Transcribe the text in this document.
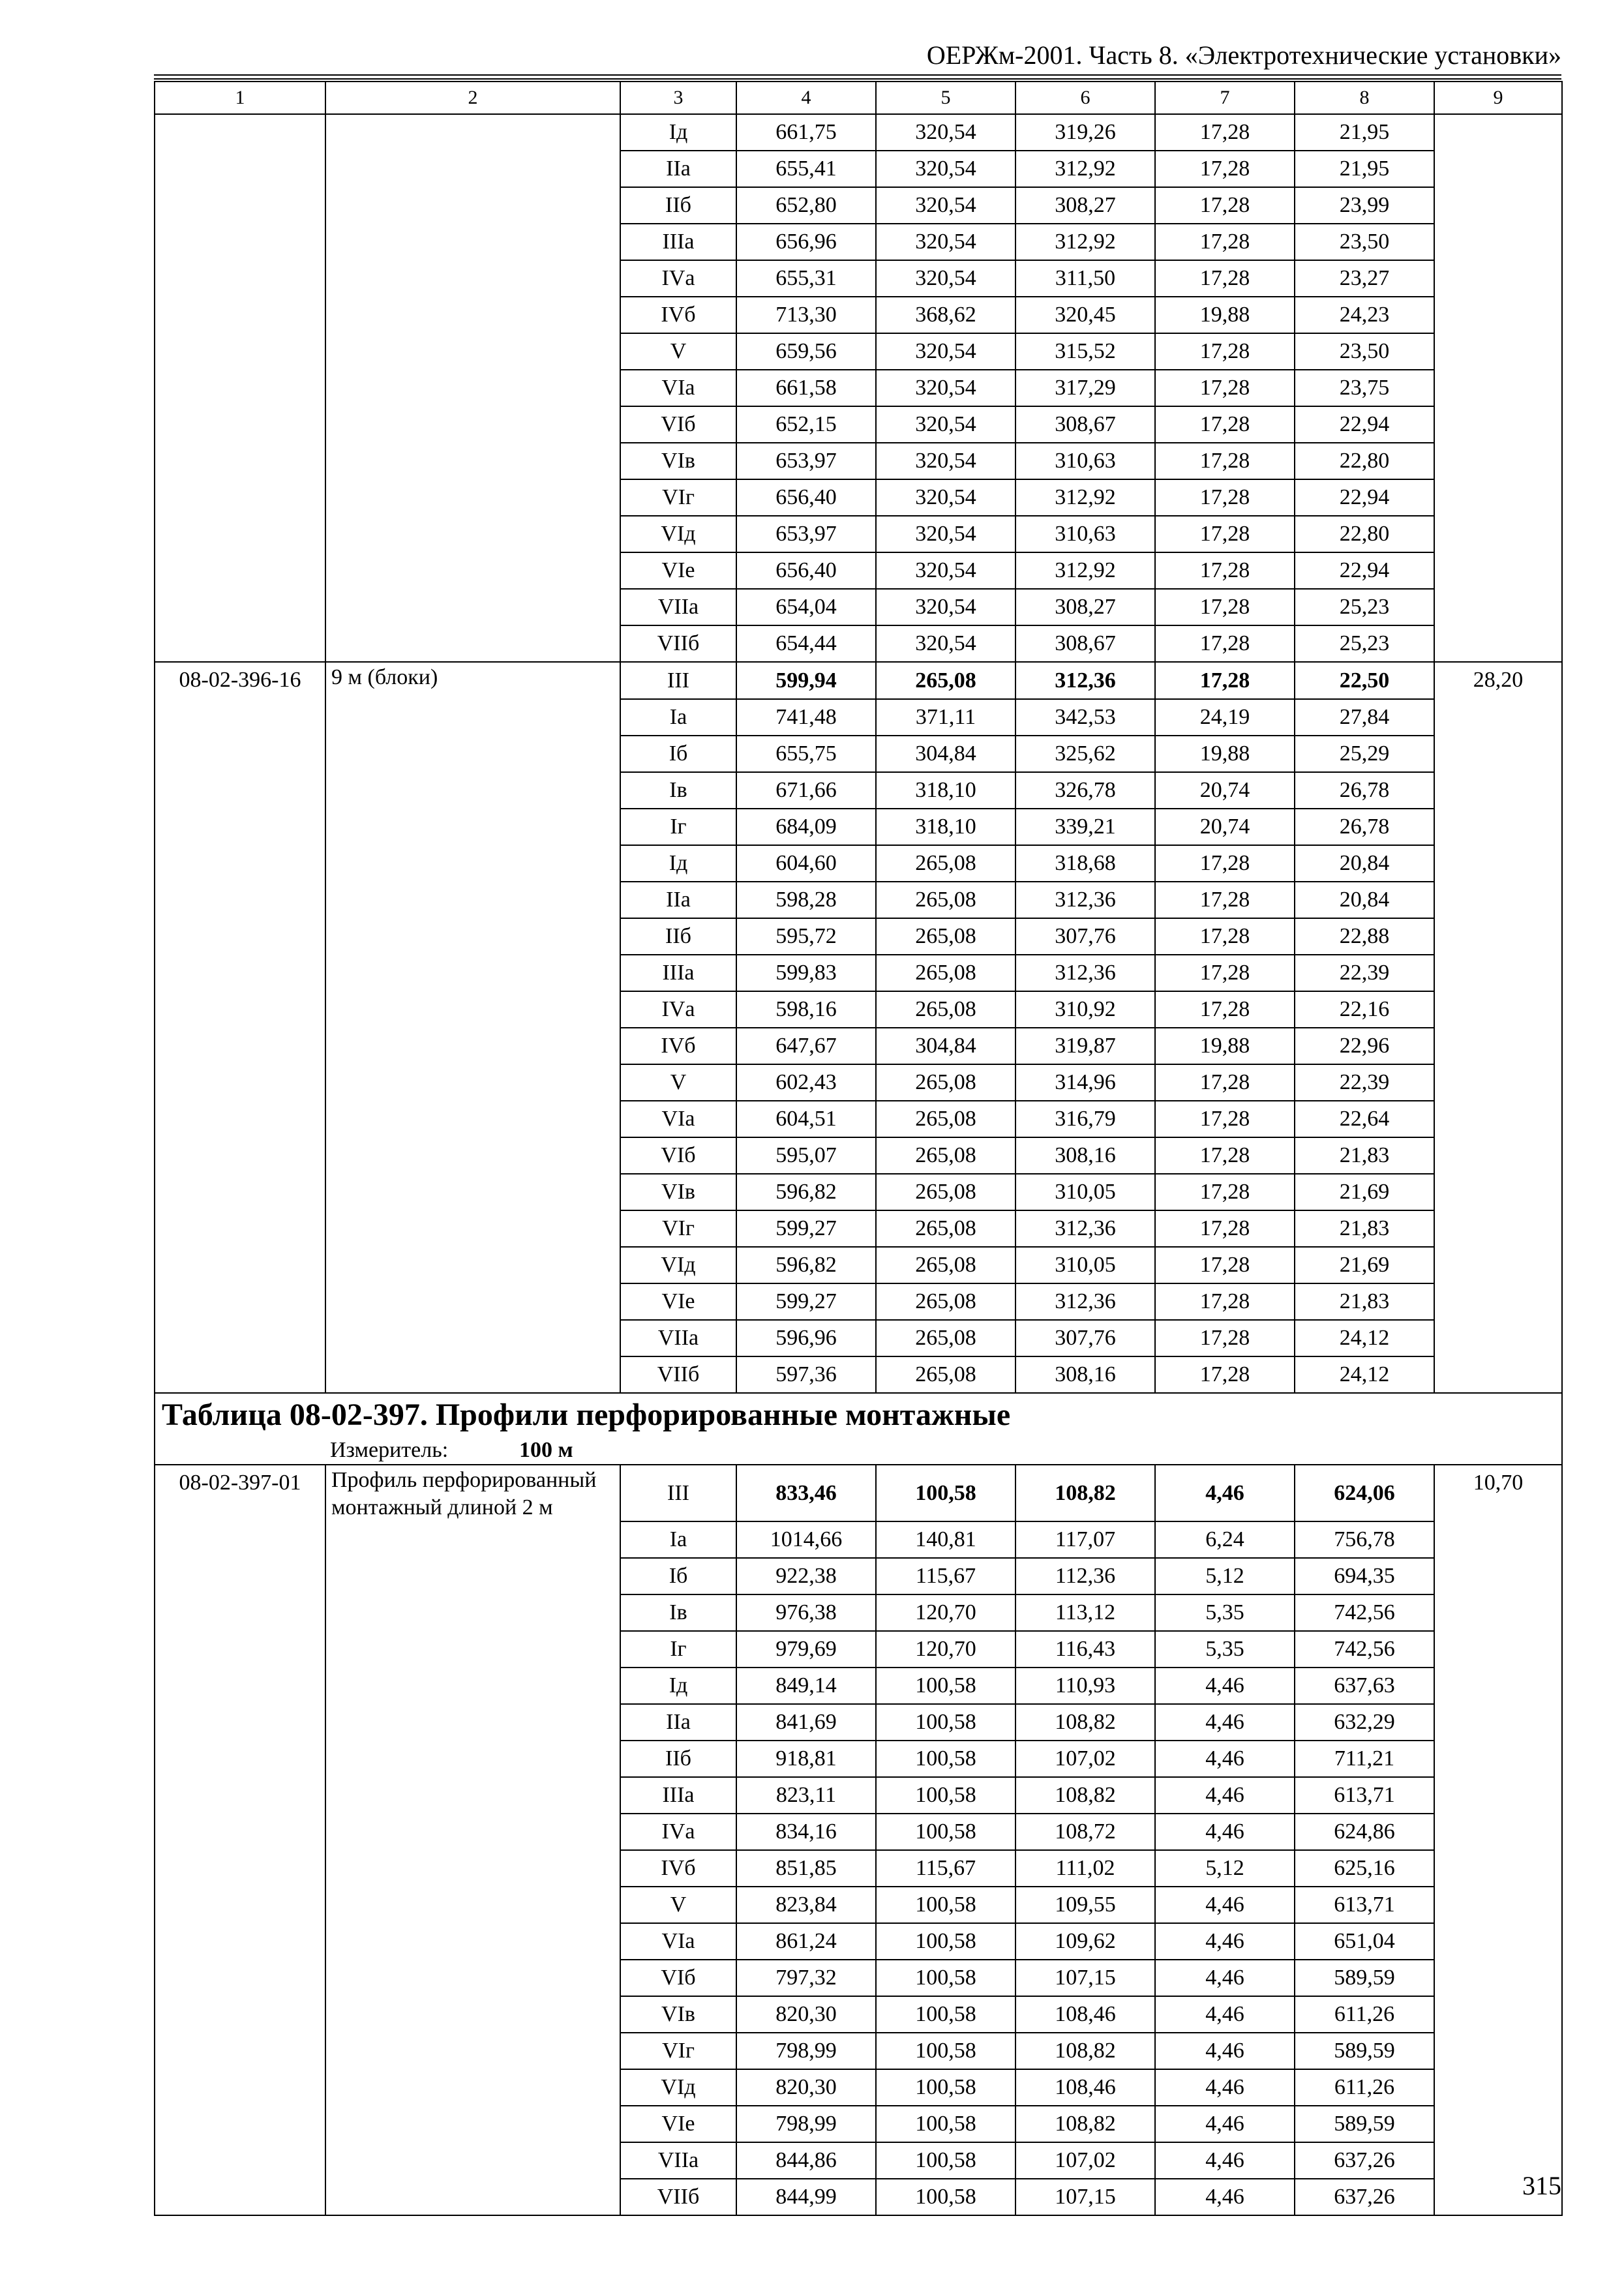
ОЕРЖм-2001. Часть 8. «Электротехнические установки»
1	2	3	4	5	6	7	8	9
		Iд	661,75	320,54	319,26	17,28	21,95	
		IIа	655,41	320,54	312,92	17,28	21,95	
		IIб	652,80	320,54	308,27	17,28	23,99	
		IIIа	656,96	320,54	312,92	17,28	23,50	
		IVа	655,31	320,54	311,50	17,28	23,27	
		IVб	713,30	368,62	320,45	19,88	24,23	
		V	659,56	320,54	315,52	17,28	23,50	
		VIа	661,58	320,54	317,29	17,28	23,75	
		VIб	652,15	320,54	308,67	17,28	22,94	
		VIв	653,97	320,54	310,63	17,28	22,80	
		VIг	656,40	320,54	312,92	17,28	22,94	
		VIд	653,97	320,54	310,63	17,28	22,80	
		VIе	656,40	320,54	312,92	17,28	22,94	
		VIIа	654,04	320,54	308,27	17,28	25,23	
		VIIб	654,44	320,54	308,67	17,28	25,23	
08-02-396-16	9 м (блоки)	III	599,94	265,08	312,36	17,28	22,50	28,20
		Iа	741,48	371,11	342,53	24,19	27,84	
		Iб	655,75	304,84	325,62	19,88	25,29	
		Iв	671,66	318,10	326,78	20,74	26,78	
		Iг	684,09	318,10	339,21	20,74	26,78	
		Iд	604,60	265,08	318,68	17,28	20,84	
		IIа	598,28	265,08	312,36	17,28	20,84	
		IIб	595,72	265,08	307,76	17,28	22,88	
		IIIа	599,83	265,08	312,36	17,28	22,39	
		IVа	598,16	265,08	310,92	17,28	22,16	
		IVб	647,67	304,84	319,87	19,88	22,96	
		V	602,43	265,08	314,96	17,28	22,39	
		VIа	604,51	265,08	316,79	17,28	22,64	
		VIб	595,07	265,08	308,16	17,28	21,83	
		VIв	596,82	265,08	310,05	17,28	21,69	
		VIг	599,27	265,08	312,36	17,28	21,83	
		VIд	596,82	265,08	310,05	17,28	21,69	
		VIе	599,27	265,08	312,36	17,28	21,83	
		VIIа	596,96	265,08	307,76	17,28	24,12	
		VIIб	597,36	265,08	308,16	17,28	24,12	

Таблица 08-02-397. Профили перфорированные монтажные
Измеритель: 100 м								

08-02-397-01	Профиль перфорированный монтажный длиной 2 м	III	833,46	100,58	108,82	4,46	624,06	10,70
		Iа	1014,66	140,81	117,07	6,24	756,78	
		Iб	922,38	115,67	112,36	5,12	694,35	
		Iв	976,38	120,70	113,12	5,35	742,56	
		Iг	979,69	120,70	116,43	5,35	742,56	
		Iд	849,14	100,58	110,93	4,46	637,63	
		IIа	841,69	100,58	108,82	4,46	632,29	
		IIб	918,81	100,58	107,02	4,46	711,21	
		IIIа	823,11	100,58	108,82	4,46	613,71	
		IVа	834,16	100,58	108,72	4,46	624,86	
		IVб	851,85	115,67	111,02	5,12	625,16	
		V	823,84	100,58	109,55	4,46	613,71	
		VIа	861,24	100,58	109,62	4,46	651,04	
		VIб	797,32	100,58	107,15	4,46	589,59	
		VIв	820,30	100,58	108,46	4,46	611,26	
		VIг	798,99	100,58	108,82	4,46	589,59	
		VIд	820,30	100,58	108,46	4,46	611,26	
		VIе	798,99	100,58	108,82	4,46	589,59	
		VIIа	844,86	100,58	107,02	4,46	637,26	
		VIIб	844,99	100,58	107,15	4,46	637,26		315
